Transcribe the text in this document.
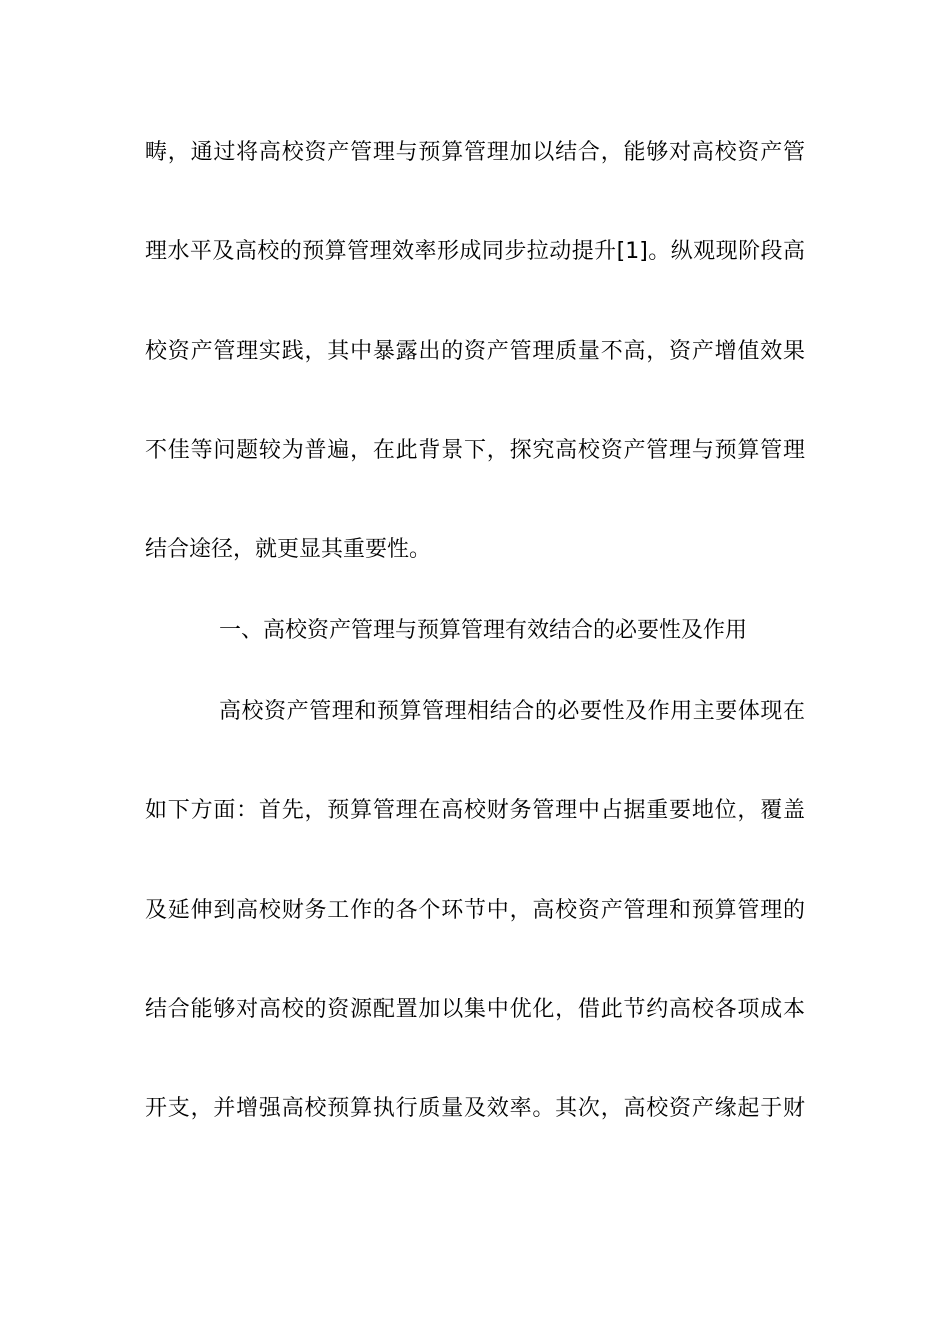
畴，通过将高校资产管理与预算管理加以结合，能够对高校资产管
理水平及高校的预算管理效率形成同步拉动提升[1]。纵观现阶段高
校资产管理实践，其中暴露出的资产管理质量不高，资产增值效果
不佳等问题较为普遍，在此背景下，探究高校资产管理与预算管理
结合途径，就更显其重要性。
一、高校资产管理与预算管理有效结合的必要性及作用
高校资产管理和预算管理相结合的必要性及作用主要体现在
如下方面：首先，预算管理在高校财务管理中占据重要地位，覆盖
及延伸到高校财务工作的各个环节中，高校资产管理和预算管理的
结合能够对高校的资源配置加以集中优化，借此节约高校各项成本
开支，并增强高校预算执行质量及效率。其次，高校资产缘起于财
